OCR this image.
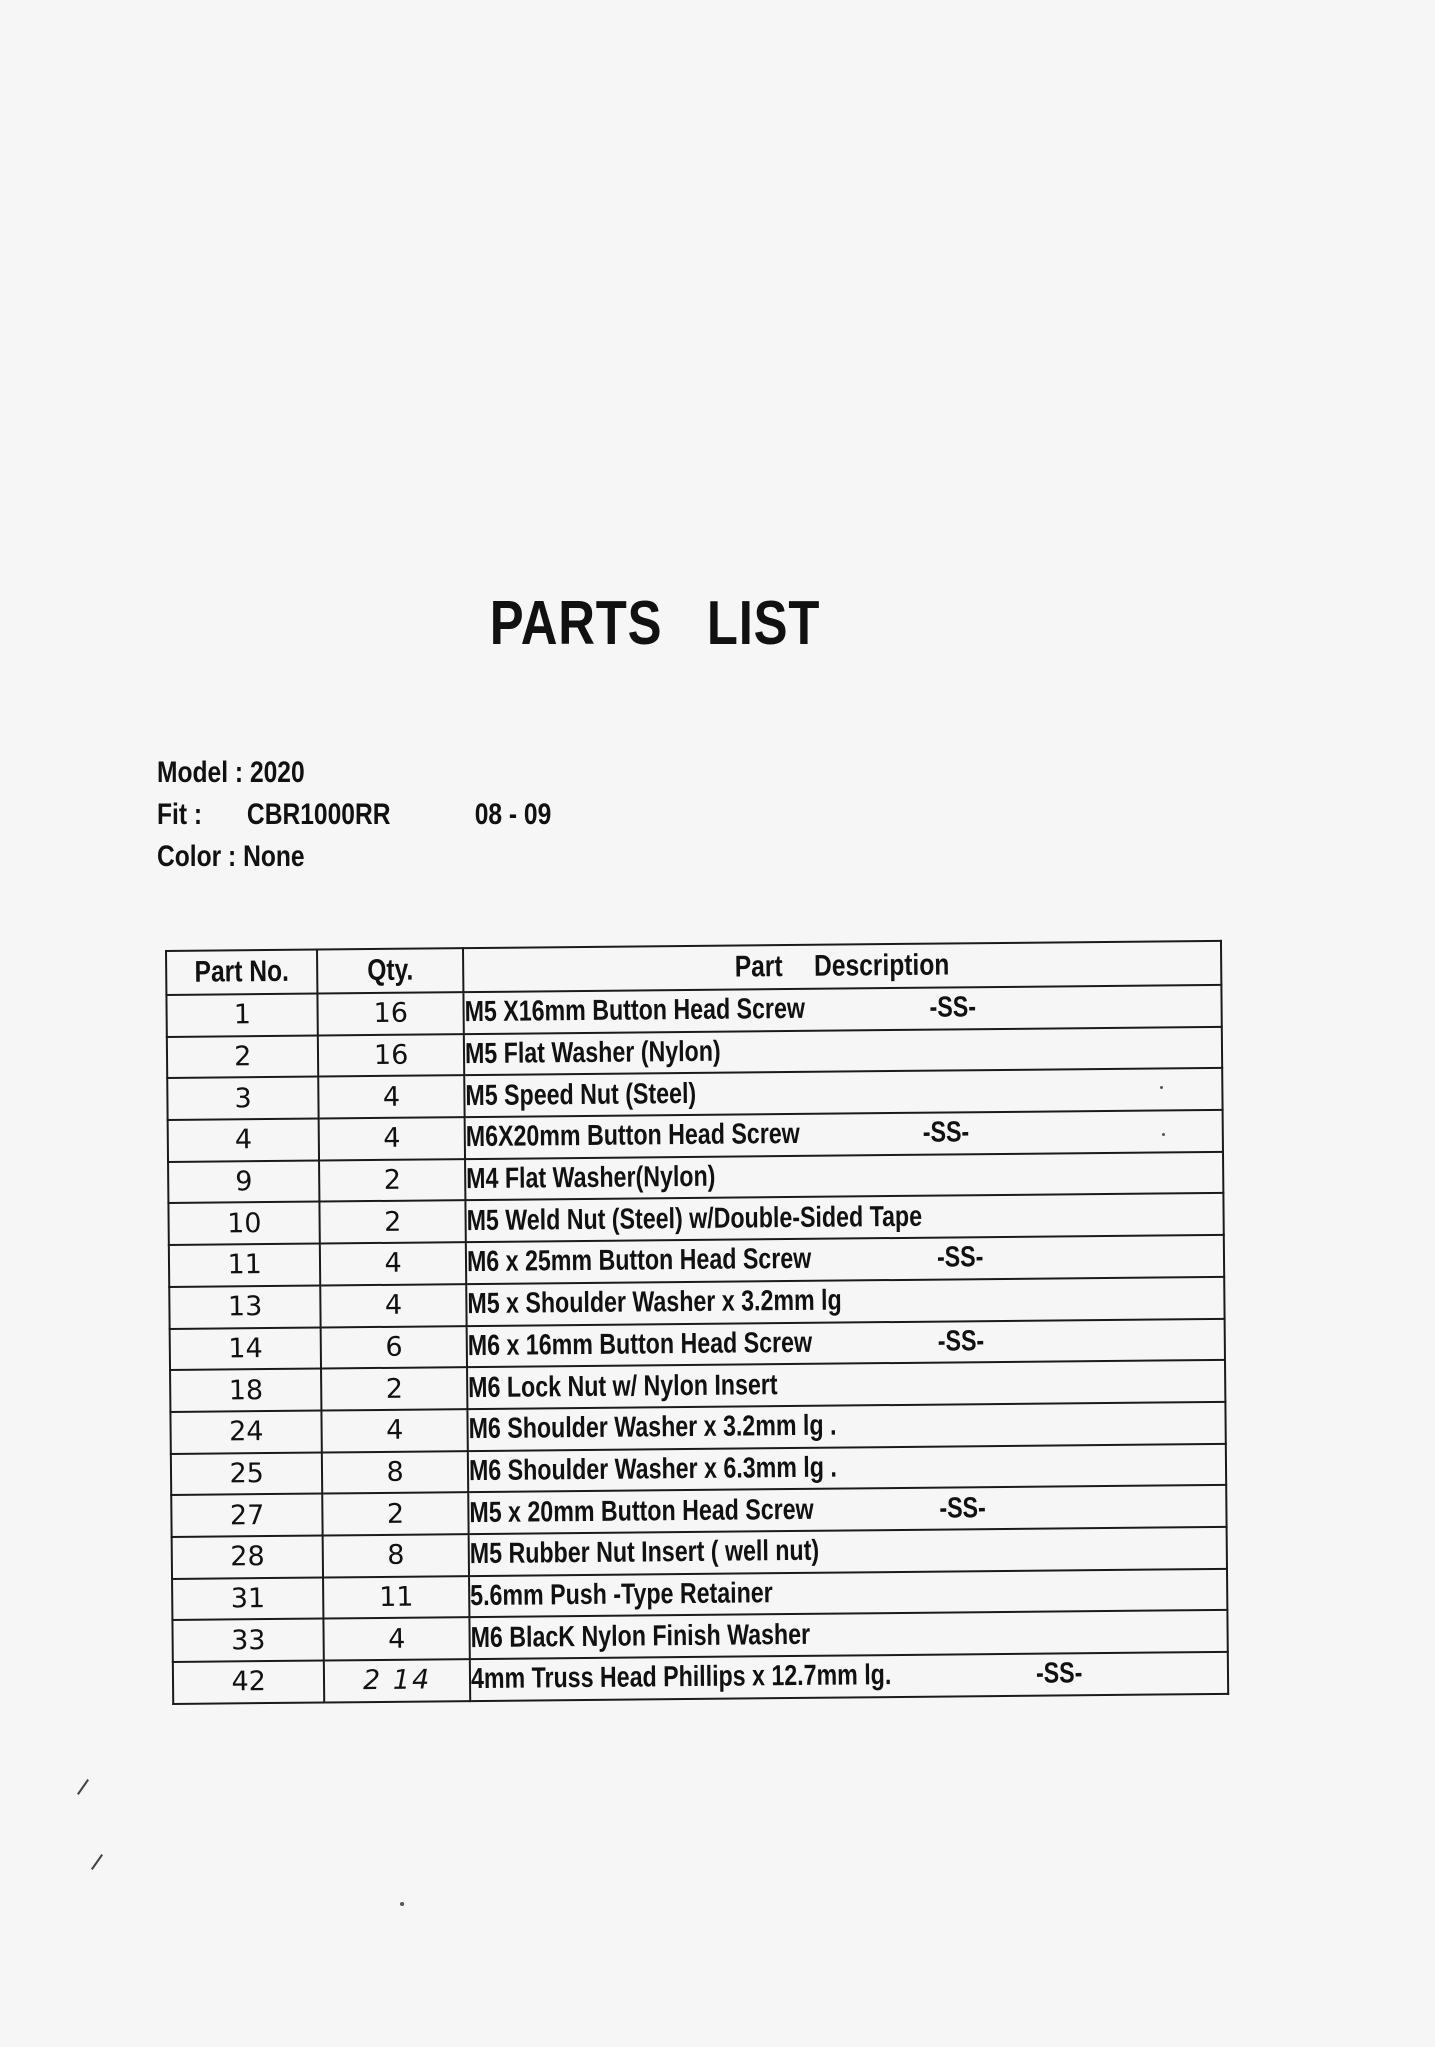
PARTS LIST
Model : 2020
Fit : CBR1000RR	08 - 09
Color : None
Part No.	Qty.	Part Description
1	16	M5 X16mm Button Head Screw -SS-
2	16	M5 Flat Washer (Nylon)
3	4	M5 Speed Nut (Steel)
4	4	M6X20mm Button Head Screw -SS-
9	2	M4 Flat Washer(Nylon)
10	2	M5 Weld Nut (Steel) w/Double-Sided Tape
11	4	M6 x 25mm Button Head Screw -SS-
13	4	M5 x Shoulder Washer x 3.2mm lg
14	6	M6 x 16mm Button Head Screw -SS-
18	2	M6 Lock Nut w/ Nylon Insert
24	4	M6 Shoulder Washer x 3.2mm lg .
25	8	M6 Shoulder Washer x 6.3mm lg .
27	2	M5 x 20mm Button Head Screw -SS-
28	8	M5 Rubber Nut Insert ( well nut)
31	11	5.6mm Push -Type Retainer
33	4	M6 BlacK Nylon Finish Washer
42	2 14	4mm Truss Head Phillips x 12.7mm lg. -SS-
